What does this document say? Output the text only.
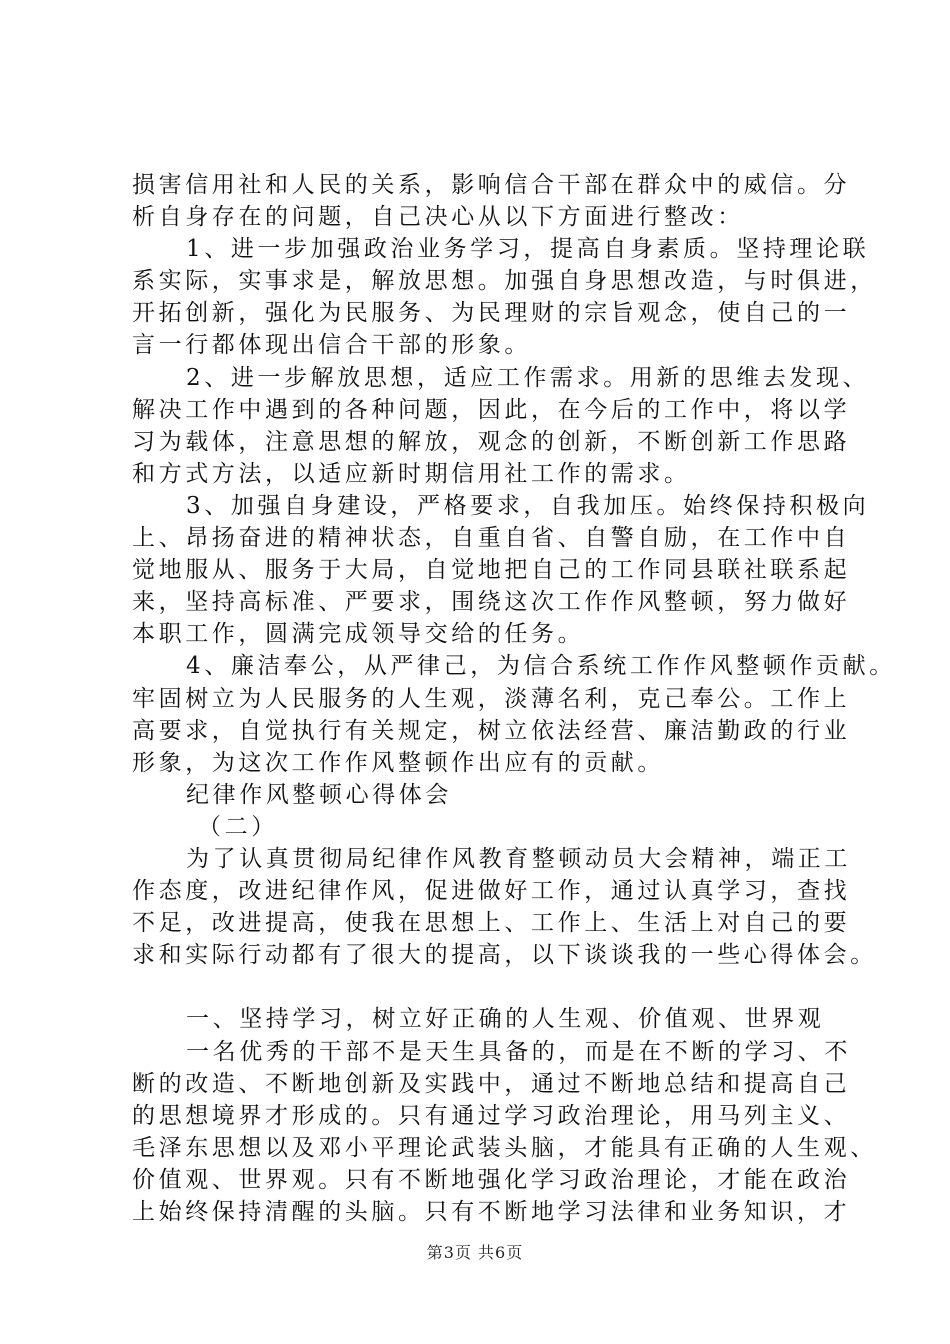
损害信用社和人民的关系，影响信合干部在群众中的威信。分
析自身存在的问题，自己决心从以下方面进行整改：
1、进一步加强政治业务学习，提高自身素质。坚持理论联
系实际，实事求是，解放思想。加强自身思想改造，与时俱进，
开拓创新，强化为民服务、为民理财的宗旨观念，使自己的一
言一行都体现出信合干部的形象。
2、进一步解放思想，适应工作需求。用新的思维去发现、
解决工作中遇到的各种问题，因此，在今后的工作中，将以学
习为载体，注意思想的解放，观念的创新，不断创新工作思路
和方式方法，以适应新时期信用社工作的需求。
3、加强自身建设，严格要求，自我加压。始终保持积极向
上、昂扬奋进的精神状态，自重自省、自警自励，在工作中自
觉地服从、服务于大局，自觉地把自己的工作同县联社联系起
来，坚持高标准、严要求，围绕这次工作作风整顿，努力做好
本职工作，圆满完成领导交给的任务。
4、廉洁奉公，从严律己，为信合系统工作作风整顿作贡献。
牢固树立为人民服务的人生观，淡薄名利，克己奉公。工作上
高要求，自觉执行有关规定，树立依法经营、廉洁勤政的行业
形象，为这次工作作风整顿作出应有的贡献。
纪律作风整顿心得体会
（二）
为了认真贯彻局纪律作风教育整顿动员大会精神，端正工
作态度，改进纪律作风，促进做好工作，通过认真学习，查找
不足，改进提高，使我在思想上、工作上、生活上对自己的要
求和实际行动都有了很大的提高，以下谈谈我的一些心得体会。
一、坚持学习，树立好正确的人生观、价值观、世界观
一名优秀的干部不是天生具备的，而是在不断的学习、不
断的改造、不断地创新及实践中，通过不断地总结和提高自己
的思想境界才形成的。只有通过学习政治理论，用马列主义、
毛泽东思想以及邓小平理论武装头脑，才能具有正确的人生观、
价值观、世界观。只有不断地强化学习政治理论，才能在政治
上始终保持清醒的头脑。只有不断地学习法律和业务知识，才
第3页 共6页
